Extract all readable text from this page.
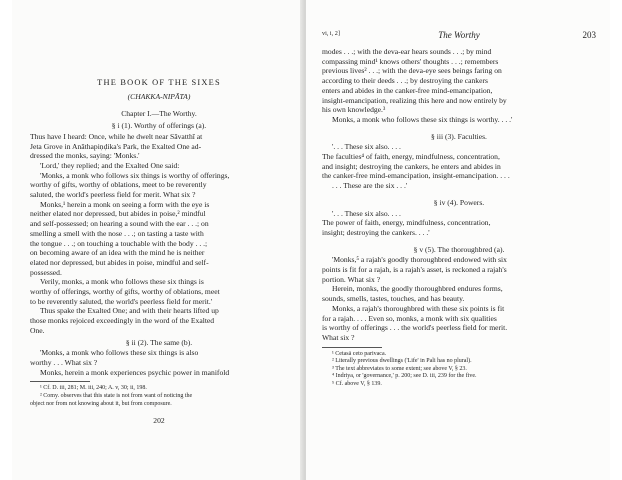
THE BOOK OF THE SIXES
(CHAKKA-NIPĀTA)
Chapter I.—The Worthy.
§ i (1). Worthy of offerings (a).
Thus have I heard: Once, while he dwelt near Sāvatthī at
Jeta Grove in Anāthapiṇḍika's Park, the Exalted One ad-
dressed the monks, saying: 'Monks.'
'Lord,' they replied; and the Exalted One said:
'Monks, a monk who follows six things is worthy of offerings,
worthy of gifts, worthy of oblations, meet to be reverently
saluted, the world's peerless field for merit. What six ?
Monks,¹ herein a monk on seeing a form with the eye is
neither elated nor depressed, but abides in poise,² mindful
and self-possessed; on hearing a sound with the ear . . .; on
smelling a smell with the nose . . .; on tasting a taste with
the tongue . . .; on touching a touchable with the body . . .;
on becoming aware of an idea with the mind he is neither
elated nor depressed, but abides in poise, mindful and self-
possessed.
Verily, monks, a monk who follows these six things is
worthy of offerings, worthy of gifts, worthy of oblations, meet
to be reverently saluted, the world's peerless field for merit.'
Thus spake the Exalted One; and with their hearts lifted up
those monks rejoiced exceedingly in the word of the Exalted
One.
§ ii (2). The same (b).
'Monks, a monk who follows these six things is also
worthy . . . What six ?
Monks, herein a monk experiences psychic power in manifold
¹ Cf. D. iii, 281; M. iii, 240; A. v, 30; ii, 198.
² Comy. observes that this state is not from want of noticing the
object nor from not knowing about it, but from composure.
202
vi, i, 2]	The Worthy	203
modes . . .; with the deva-ear hears sounds . . .; by mind
compassing mind¹ knows others' thoughts . . .; remembers
previous lives² . . .; with the deva-eye sees beings faring on
according to their deeds . . .; by destroying the cankers
enters and abides in the canker-free mind-emancipation,
insight-emancipation, realizing this here and now entirely by
his own knowledge.³
Monks, a monk who follows these six things is worthy. . . .'
§ iii (3). Faculties.
'. . . These six also. . . .
The faculties⁴ of faith, energy, mindfulness, concentration,
and insight; destroying the cankers, he enters and abides in
the canker-free mind-emancipation, insight-emancipation. . . .
. . . These are the six . . .'
§ iv (4). Powers.
'. . . These six also. . . .
The power of faith, energy, mindfulness, concentration,
insight; destroying the cankers. . . .'
§ v (5). The thoroughbred (a).
'Monks,⁵ a rajah's goodly thoroughbred endowed with six
points is fit for a rajah, is a rajah's asset, is reckoned a rajah's
portion. What six ?
Herein, monks, the goodly thoroughbred endures forms,
sounds, smells, tastes, touches, and has beauty.
Monks, a rajah's thoroughbred with these six points is fit
for a rajah. . . . Even so, monks, a monk with six qualities
is worthy of offerings . . . the world's peerless field for merit.
What six ?
¹ Cetasā ceto parivaca.
² Literally previous dwellings ('Life' in Pali has no plural).
³ The text abbreviates to some extent; see above V, § 23.
⁴ Indriya, or 'governance,' p. 200; see D. iii, 239 for the five.
⁵ Cf. above V, § 139.
